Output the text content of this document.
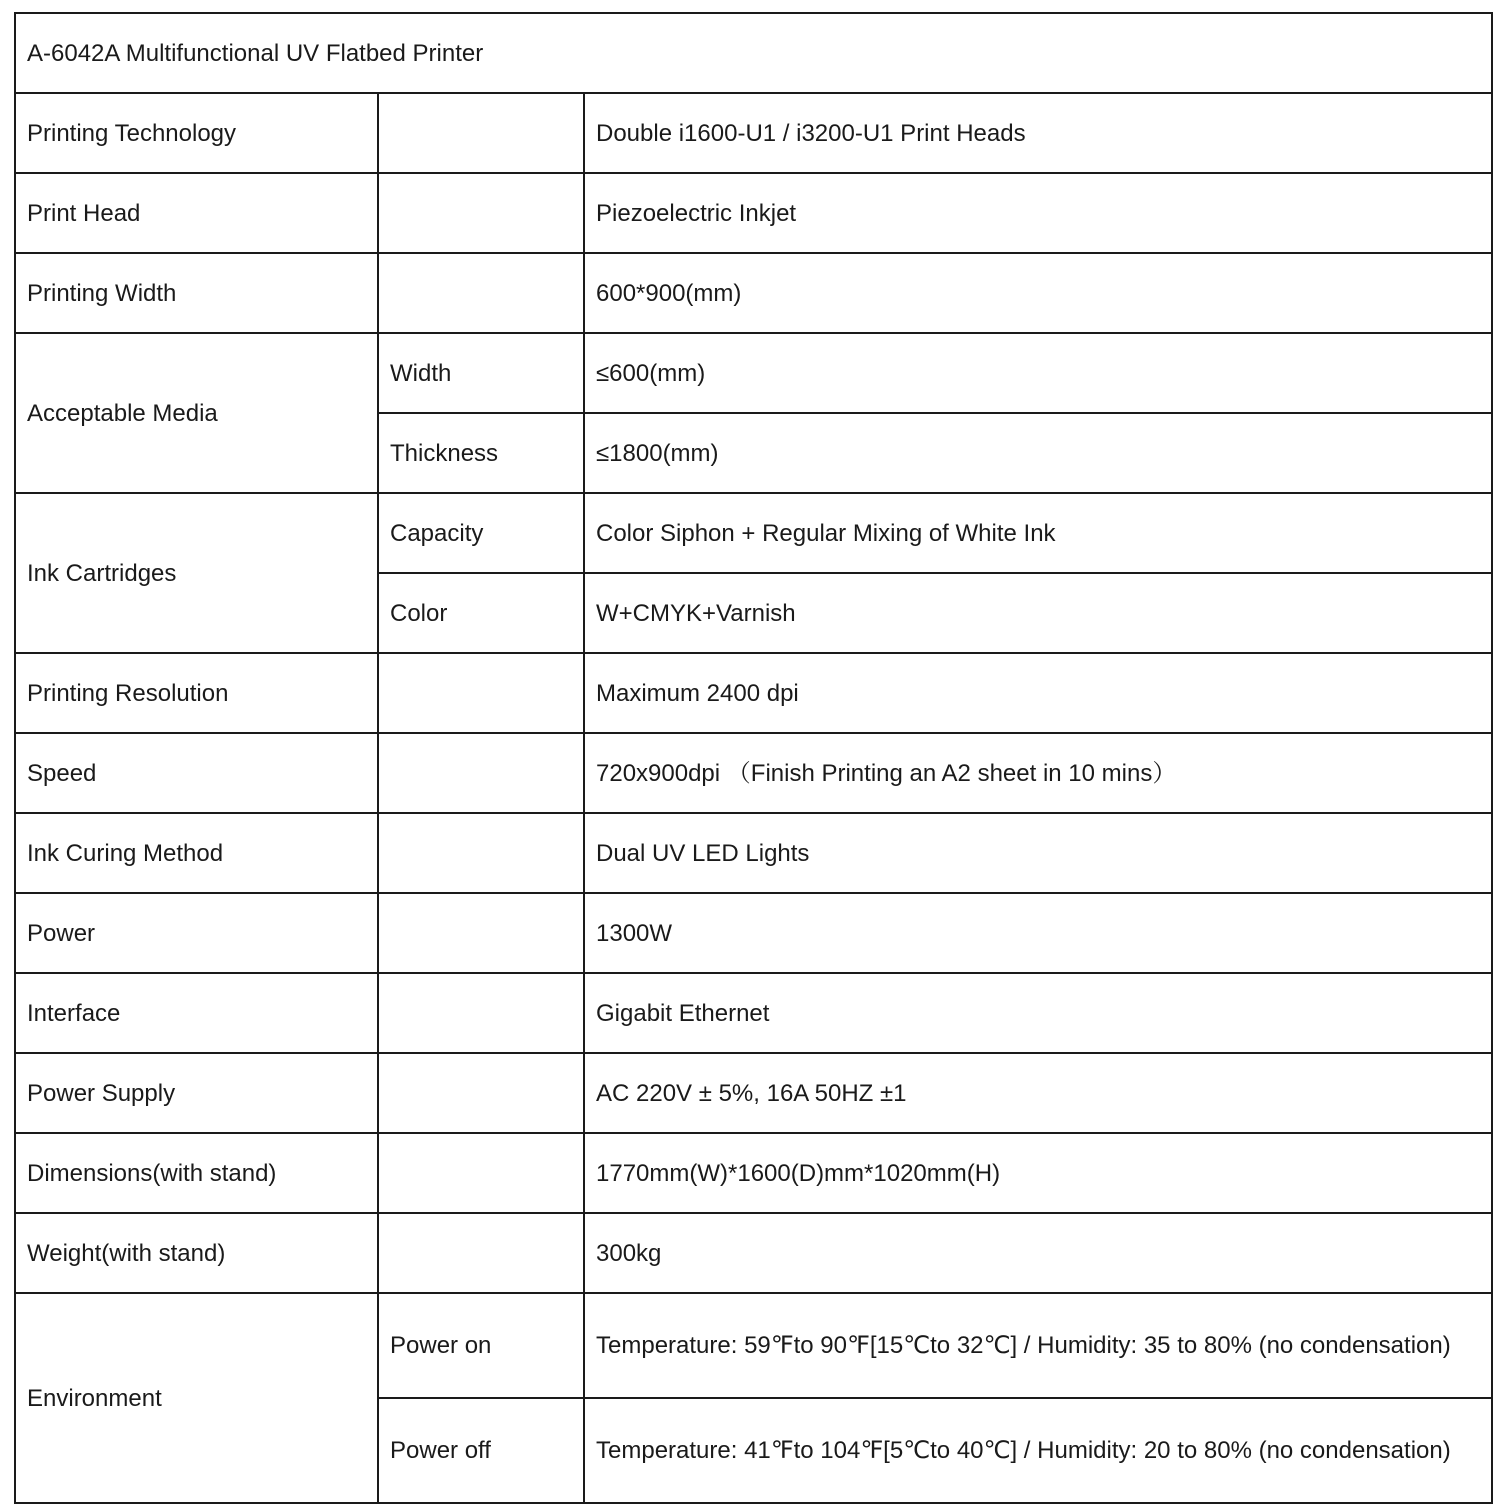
A-6042A Multifunctional UV Flatbed Printer		
Printing Technology		Double i1600-U1 / i3200-U1 Print Heads
Print Head		Piezoelectric Inkjet
Printing Width		600*900(mm)
Acceptable Media	Width	≤600(mm)
	Thickness	≤1800(mm)
Ink Cartridges	Capacity	Color Siphon + Regular Mixing of White Ink
	Color	W+CMYK+Varnish
Printing Resolution		Maximum 2400 dpi
Speed		720x900dpi （Finish Printing an A2 sheet in 10 mins）
Ink Curing Method		Dual UV LED Lights
Power		1300W
Interface		Gigabit Ethernet
Power Supply		AC 220V ± 5%, 16A 50HZ ±1
Dimensions(with stand)		1770mm(W)*1600(D)mm*1020mm(H)
Weight(with stand)		300kg
Environment	Power on	Temperature: 59℉to 90℉[15℃to 32℃] / Humidity: 35 to 80% (no condensation)
	Power off	Temperature: 41℉to 104℉[5℃to 40℃] / Humidity: 20 to 80% (no condensation)
